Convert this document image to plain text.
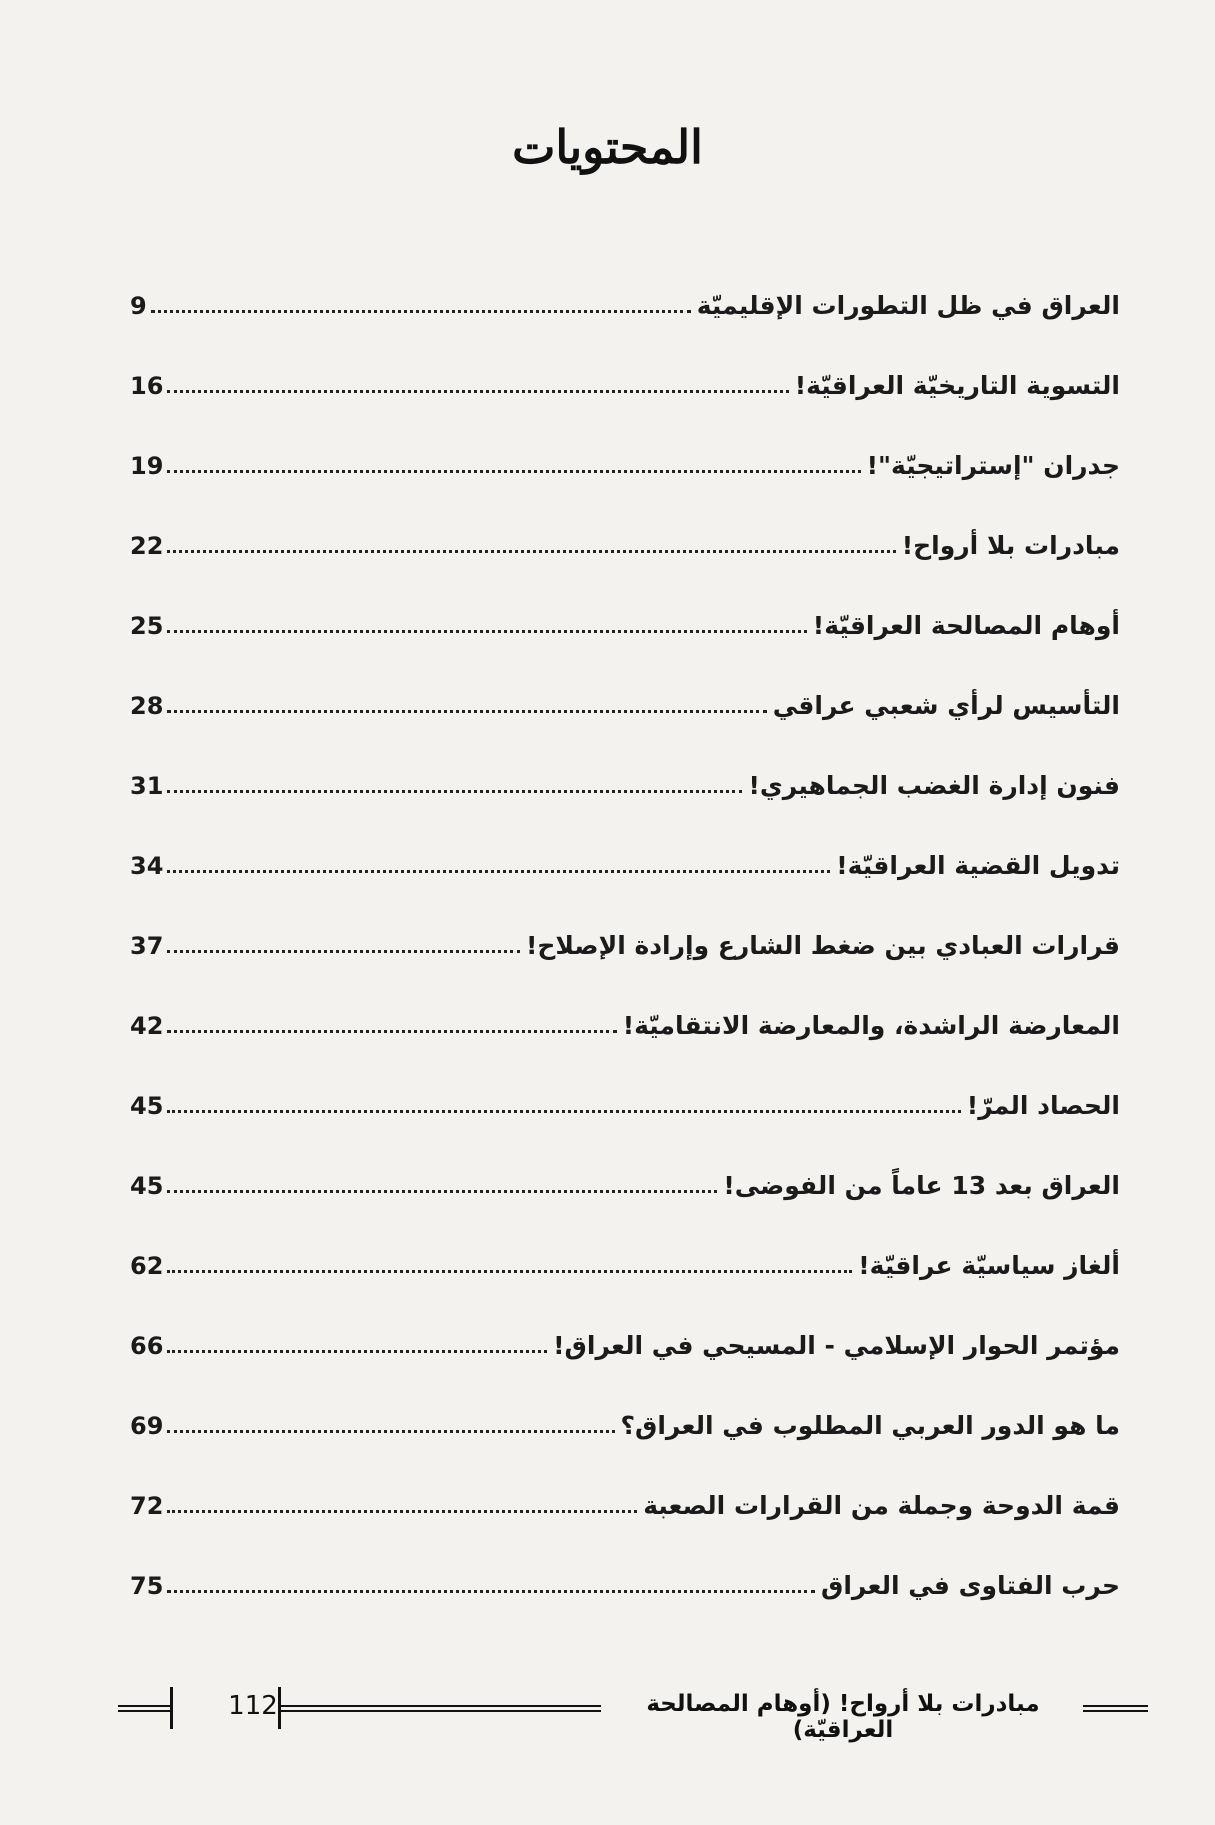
المحتويات
العراق في ظل التطورات الإقليميّة
9
التسوية التاريخيّة العراقيّة!
16
جدران "إستراتيجيّة"!
19
مبادرات بلا أرواح!
22
أوهام المصالحة العراقيّة!
25
التأسيس لرأي شعبي عراقي
28
فنون إدارة الغضب الجماهيري!
31
تدويل القضية العراقيّة!
34
قرارات العبادي بين ضغط الشارع وإرادة الإصلاح!
37
المعارضة الراشدة، والمعارضة الانتقاميّة!
42
الحصاد المرّ!
45
العراق بعد 13 عاماً من الفوضى!
45
ألغاز سياسيّة عراقيّة!
62
مؤتمر الحوار الإسلامي - المسيحي في العراق!
66
ما هو الدور العربي المطلوب في العراق؟
69
قمة الدوحة وجملة من القرارات الصعبة
72
حرب الفتاوى في العراق
75
112	مبادرات بلا أرواح! (أوهام المصالحة العراقيّة)
